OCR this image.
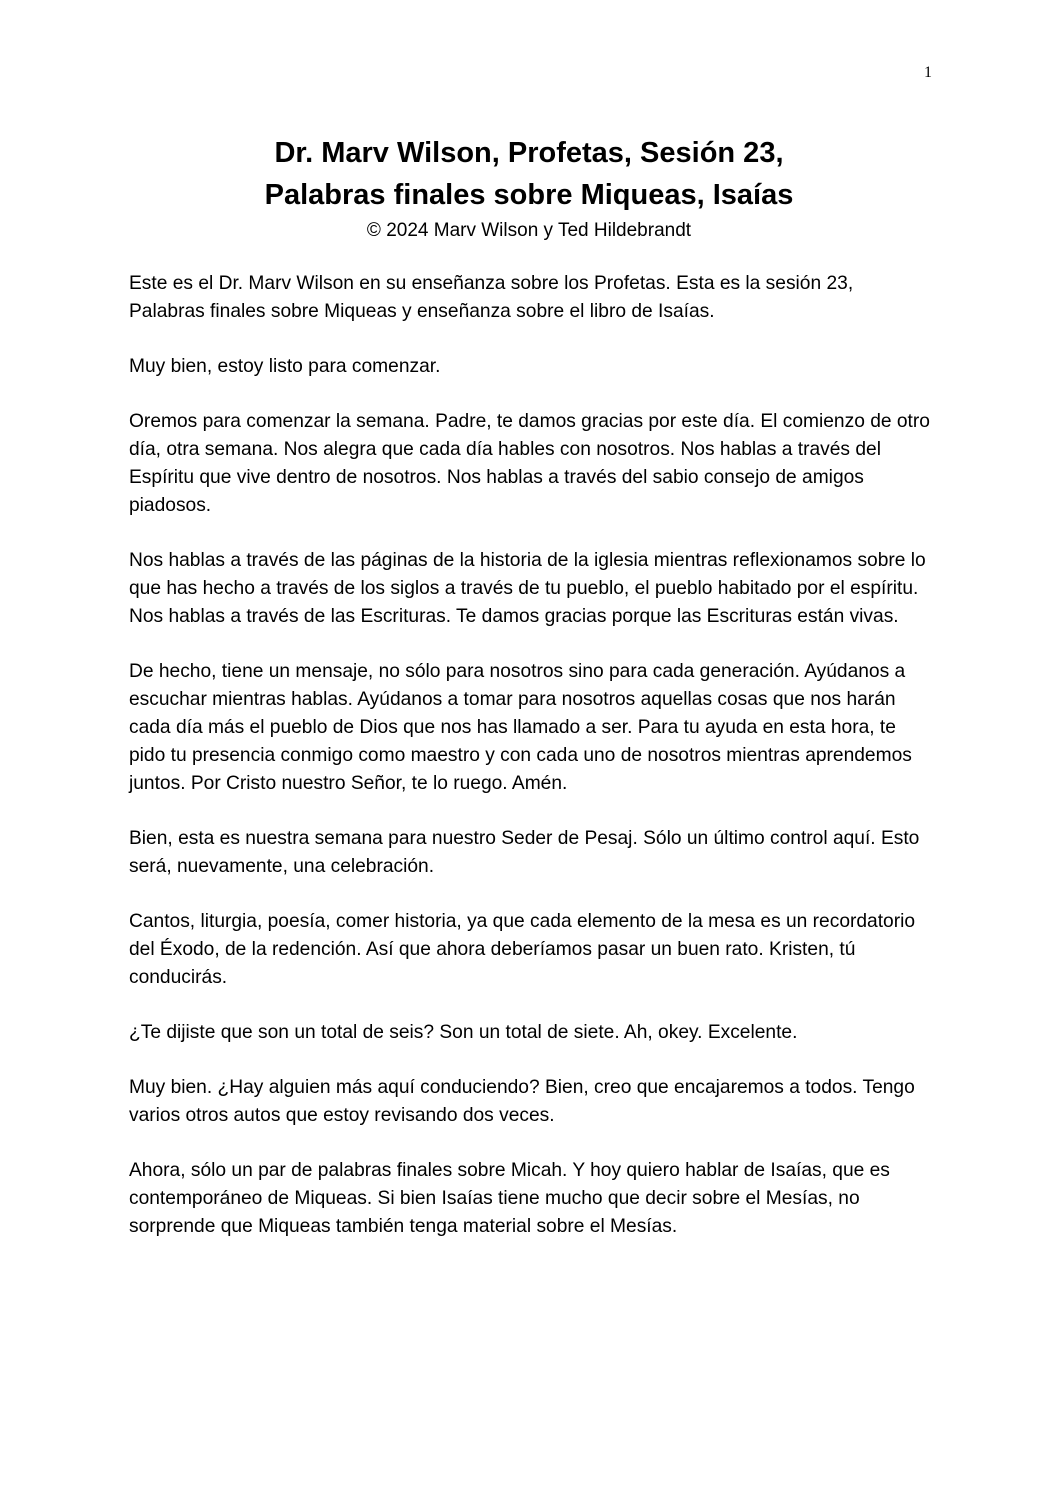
1
Dr. Marv Wilson, Profetas, Sesión 23,
Palabras finales sobre Miqueas, Isaías
© 2024 Marv Wilson y Ted Hildebrandt

Este es el Dr. Marv Wilson en su enseñanza sobre los Profetas. Esta es la sesión 23, Palabras finales sobre Miqueas y enseñanza sobre el libro de Isaías.

Muy bien, estoy listo para comenzar.

Oremos para comenzar la semana. Padre, te damos gracias por este día. El comienzo de otro día, otra semana. Nos alegra que cada día hables con nosotros. Nos hablas a través del Espíritu que vive dentro de nosotros. Nos hablas a través del sabio consejo de amigos piadosos.

Nos hablas a través de las páginas de la historia de la iglesia mientras reflexionamos sobre lo que has hecho a través de los siglos a través de tu pueblo, el pueblo habitado por el espíritu. Nos hablas a través de las Escrituras. Te damos gracias porque las Escrituras están vivas.

De hecho, tiene un mensaje, no sólo para nosotros sino para cada generación. Ayúdanos a escuchar mientras hablas. Ayúdanos a tomar para nosotros aquellas cosas que nos harán cada día más el pueblo de Dios que nos has llamado a ser. Para tu ayuda en esta hora, te pido tu presencia conmigo como maestro y con cada uno de nosotros mientras aprendemos juntos. Por Cristo nuestro Señor, te lo ruego. Amén.

Bien, esta es nuestra semana para nuestro Seder de Pesaj. Sólo un último control aquí. Esto será, nuevamente, una celebración.

Cantos, liturgia, poesía, comer historia, ya que cada elemento de la mesa es un recordatorio del Éxodo, de la redención. Así que ahora deberíamos pasar un buen rato. Kristen, tú conducirás.

¿Te dijiste que son un total de seis? Son un total de siete. Ah, okey. Excelente.

Muy bien. ¿Hay alguien más aquí conduciendo? Bien, creo que encajaremos a todos. Tengo varios otros autos que estoy revisando dos veces.

Ahora, sólo un par de palabras finales sobre Micah. Y hoy quiero hablar de Isaías, que es contemporáneo de Miqueas. Si bien Isaías tiene mucho que decir sobre el Mesías, no sorprende que Miqueas también tenga material sobre el Mesías.
